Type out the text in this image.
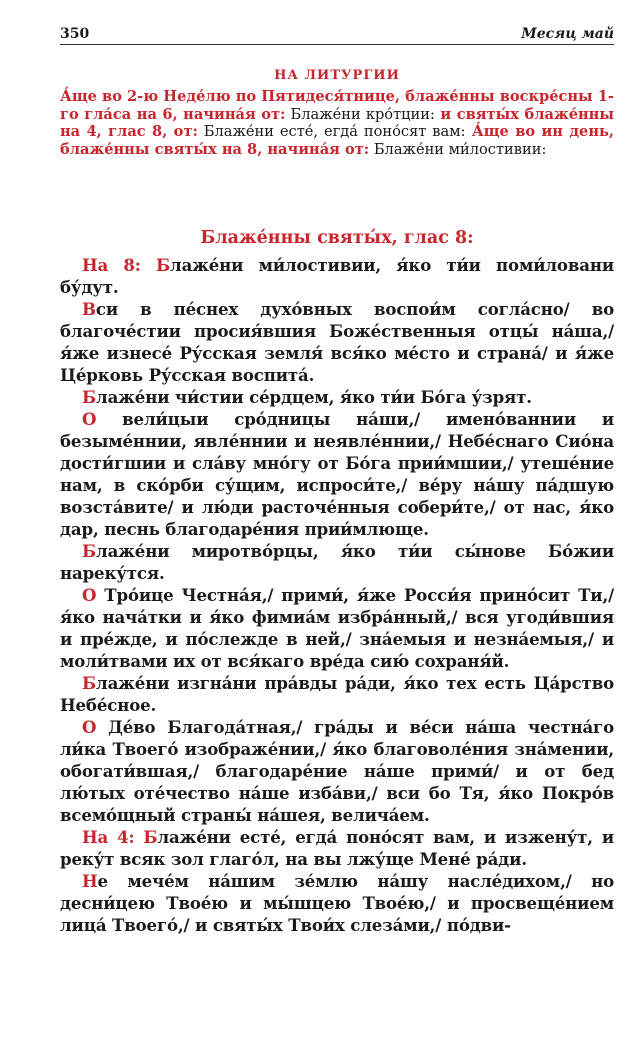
350	Месяц май
НА ЛИТУРГИИ
А́ще во 2-ю Неде́лю по Пятидеся́тнице, блаже́нны воскре́сны 1-го гла́са на 6, начина́я от: Блаже́ни кро́тции: и святы́х блаже́нны на 4, глас 8, от: Блаже́ни есте́, егда́ поно́сят вам: А́ще во ин день, блаже́нны святы́х на 8, начина́я от: Блаже́ни ми́лостивии:
Блаже́нны святы́х, глас 8:

На 8: Блаже́ни ми́лостивии, я́ко ти́и поми́ловани бу́дут.

Вси в пе́снех духо́вных воспои́м согла́сно/ во благоче́стии просия́вшия Боже́ственныя отцы́ на́ша,/ я́же изнесе́ Ру́сская земля́ вся́ко ме́сто и страна́/ и я́же Це́рковь Ру́сская воспита́.

Блаже́ни чи́стии се́рдцем, я́ко ти́и Бо́га у́зрят.

О вели́цыи сро́дницы на́ши,/ имено́ваннии и безыме́ннии, явле́ннии и неявле́ннии,/ Небе́снаго Сио́на дости́гшии и сла́ву мно́гу от Бо́га прии́мшии,/ утеше́ние нам, в ско́рби су́щим, испроси́те,/ ве́ру на́шу па́дшую возста́вите/ и лю́ди расточе́нныя собери́те,/ от нас, я́ко дар, песнь благодаре́ния прии́млюще.

Блаже́ни миротво́рцы, я́ко ти́и сы́нове Бо́жии нареку́тся.

О Тро́ице Честна́я,/ прими́, я́же Росси́я прино́сит Ти,/ я́ко нача́тки и я́ко фимиа́м избра́нный,/ вся угоди́вшия и пре́жде, и по́слежде в ней,/ зна́емыя и незна́емыя,/ и моли́твами их от вся́каго вре́да сию́ сохраня́й.

Блаже́ни изгна́ни пра́вды ра́ди, я́ко тех есть Ца́рство Небе́сное.

О Де́во Благода́тная,/ гра́ды и ве́си на́ша честна́го ли́ка Твоего́ изображе́нии,/ я́ко благоволе́ния зна́мении, обогати́вшая,/ благодаре́ние на́ше прими́/ и от бед лю́тых оте́чество на́ше изба́ви,/ вси бо Тя, я́ко Покро́в всемо́щный страны́ на́шея, велича́ем.

На 4: Блаже́ни есте́, егда́ поно́сят вам, и изжену́т, и реку́т всяк зол глаго́л, на вы лжу́ще Мене́ ра́ди.

Не мече́м на́шим зе́млю на́шу насле́дихом,/ но десни́цею Твое́ю и мы́шцею Твое́ю,/ и просвеще́нием лица́ Твоего́,/ и святы́х Твои́х слеза́ми,/ по́дви-
